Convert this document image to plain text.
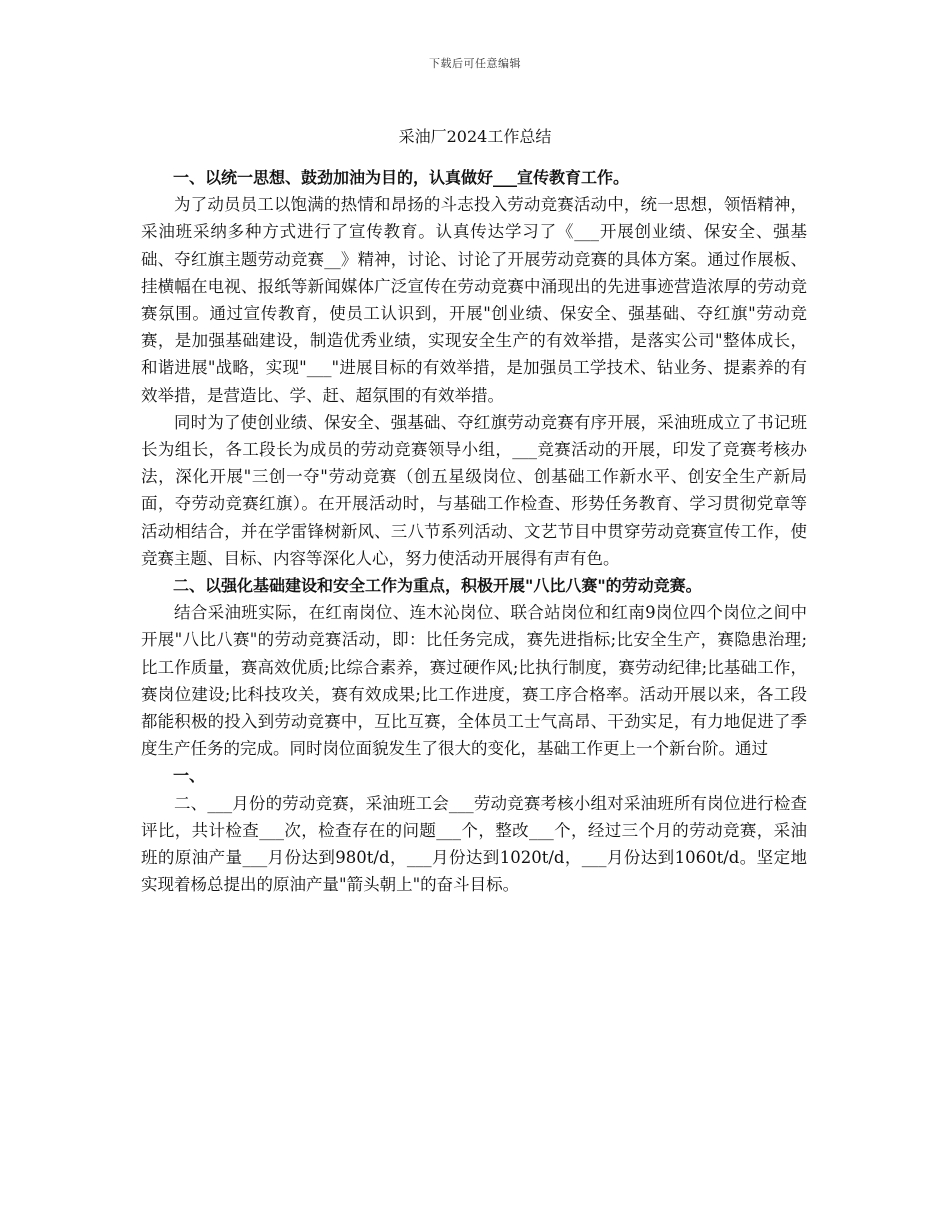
下载后可任意编辑
采油厂2024工作总结

一、以统一思想、鼓劲加油为目的，认真做好___宣传教育工作。

为了动员员工以饱满的热情和昂扬的斗志投入劳动竞赛活动中，统一思想，领悟精神，采油班采纳多种方式进行了宣传教育。认真传达学习了《___开展创业绩、保安全、强基础、夺红旗主题劳动竞赛__》精神，讨论、讨论了开展劳动竞赛的具体方案。通过作展板、挂横幅在电视、报纸等新闻媒体广泛宣传在劳动竞赛中涌现出的先进事迹营造浓厚的劳动竞赛氛围。通过宣传教育，使员工认识到，开展"创业绩、保安全、强基础、夺红旗"劳动竞赛，是加强基础建设，制造优秀业绩，实现安全生产的有效举措，是落实公司"整体成长，和谐进展"战略，实现"___"进展目标的有效举措，是加强员工学技术、钻业务、提素养的有效举措，是营造比、学、赶、超氛围的有效举措。

同时为了使创业绩、保安全、强基础、夺红旗劳动竞赛有序开展，采油班成立了书记班长为组长，各工段长为成员的劳动竞赛领导小组，___竞赛活动的开展，印发了竞赛考核办法，深化开展"三创一夺"劳动竞赛（创五星级岗位、创基础工作新水平、创安全生产新局面，夺劳动竞赛红旗）。在开展活动时，与基础工作检查、形势任务教育、学习贯彻党章等活动相结合，并在学雷锋树新风、三八节系列活动、文艺节目中贯穿劳动竞赛宣传工作，使竞赛主题、目标、内容等深化人心，努力使活动开展得有声有色。

二、以强化基础建设和安全工作为重点，积极开展"八比八赛"的劳动竞赛。

结合采油班实际，在红南岗位、连木沁岗位、联合站岗位和红南9岗位四个岗位之间中开展"八比八赛"的劳动竞赛活动，即：比任务完成，赛先进指标;比安全生产，赛隐患治理;比工作质量，赛高效优质;比综合素养，赛过硬作风;比执行制度，赛劳动纪律;比基础工作，赛岗位建设;比科技攻关，赛有效成果;比工作进度，赛工序合格率。活动开展以来，各工段都能积极的投入到劳动竞赛中，互比互赛，全体员工士气高昂、干劲实足，有力地促进了季度生产任务的完成。同时岗位面貌发生了很大的变化，基础工作更上一个新台阶。通过

一、

二、___月份的劳动竞赛，采油班工会___劳动竞赛考核小组对采油班所有岗位进行检查评比，共计检查___次，检查存在的问题___个，整改___个，经过三个月的劳动竞赛，采油班的原油产量___月份达到980t/d，___月份达到1020t/d，___月份达到1060t/d。坚定地实现着杨总提出的原油产量"箭头朝上"的奋斗目标。
